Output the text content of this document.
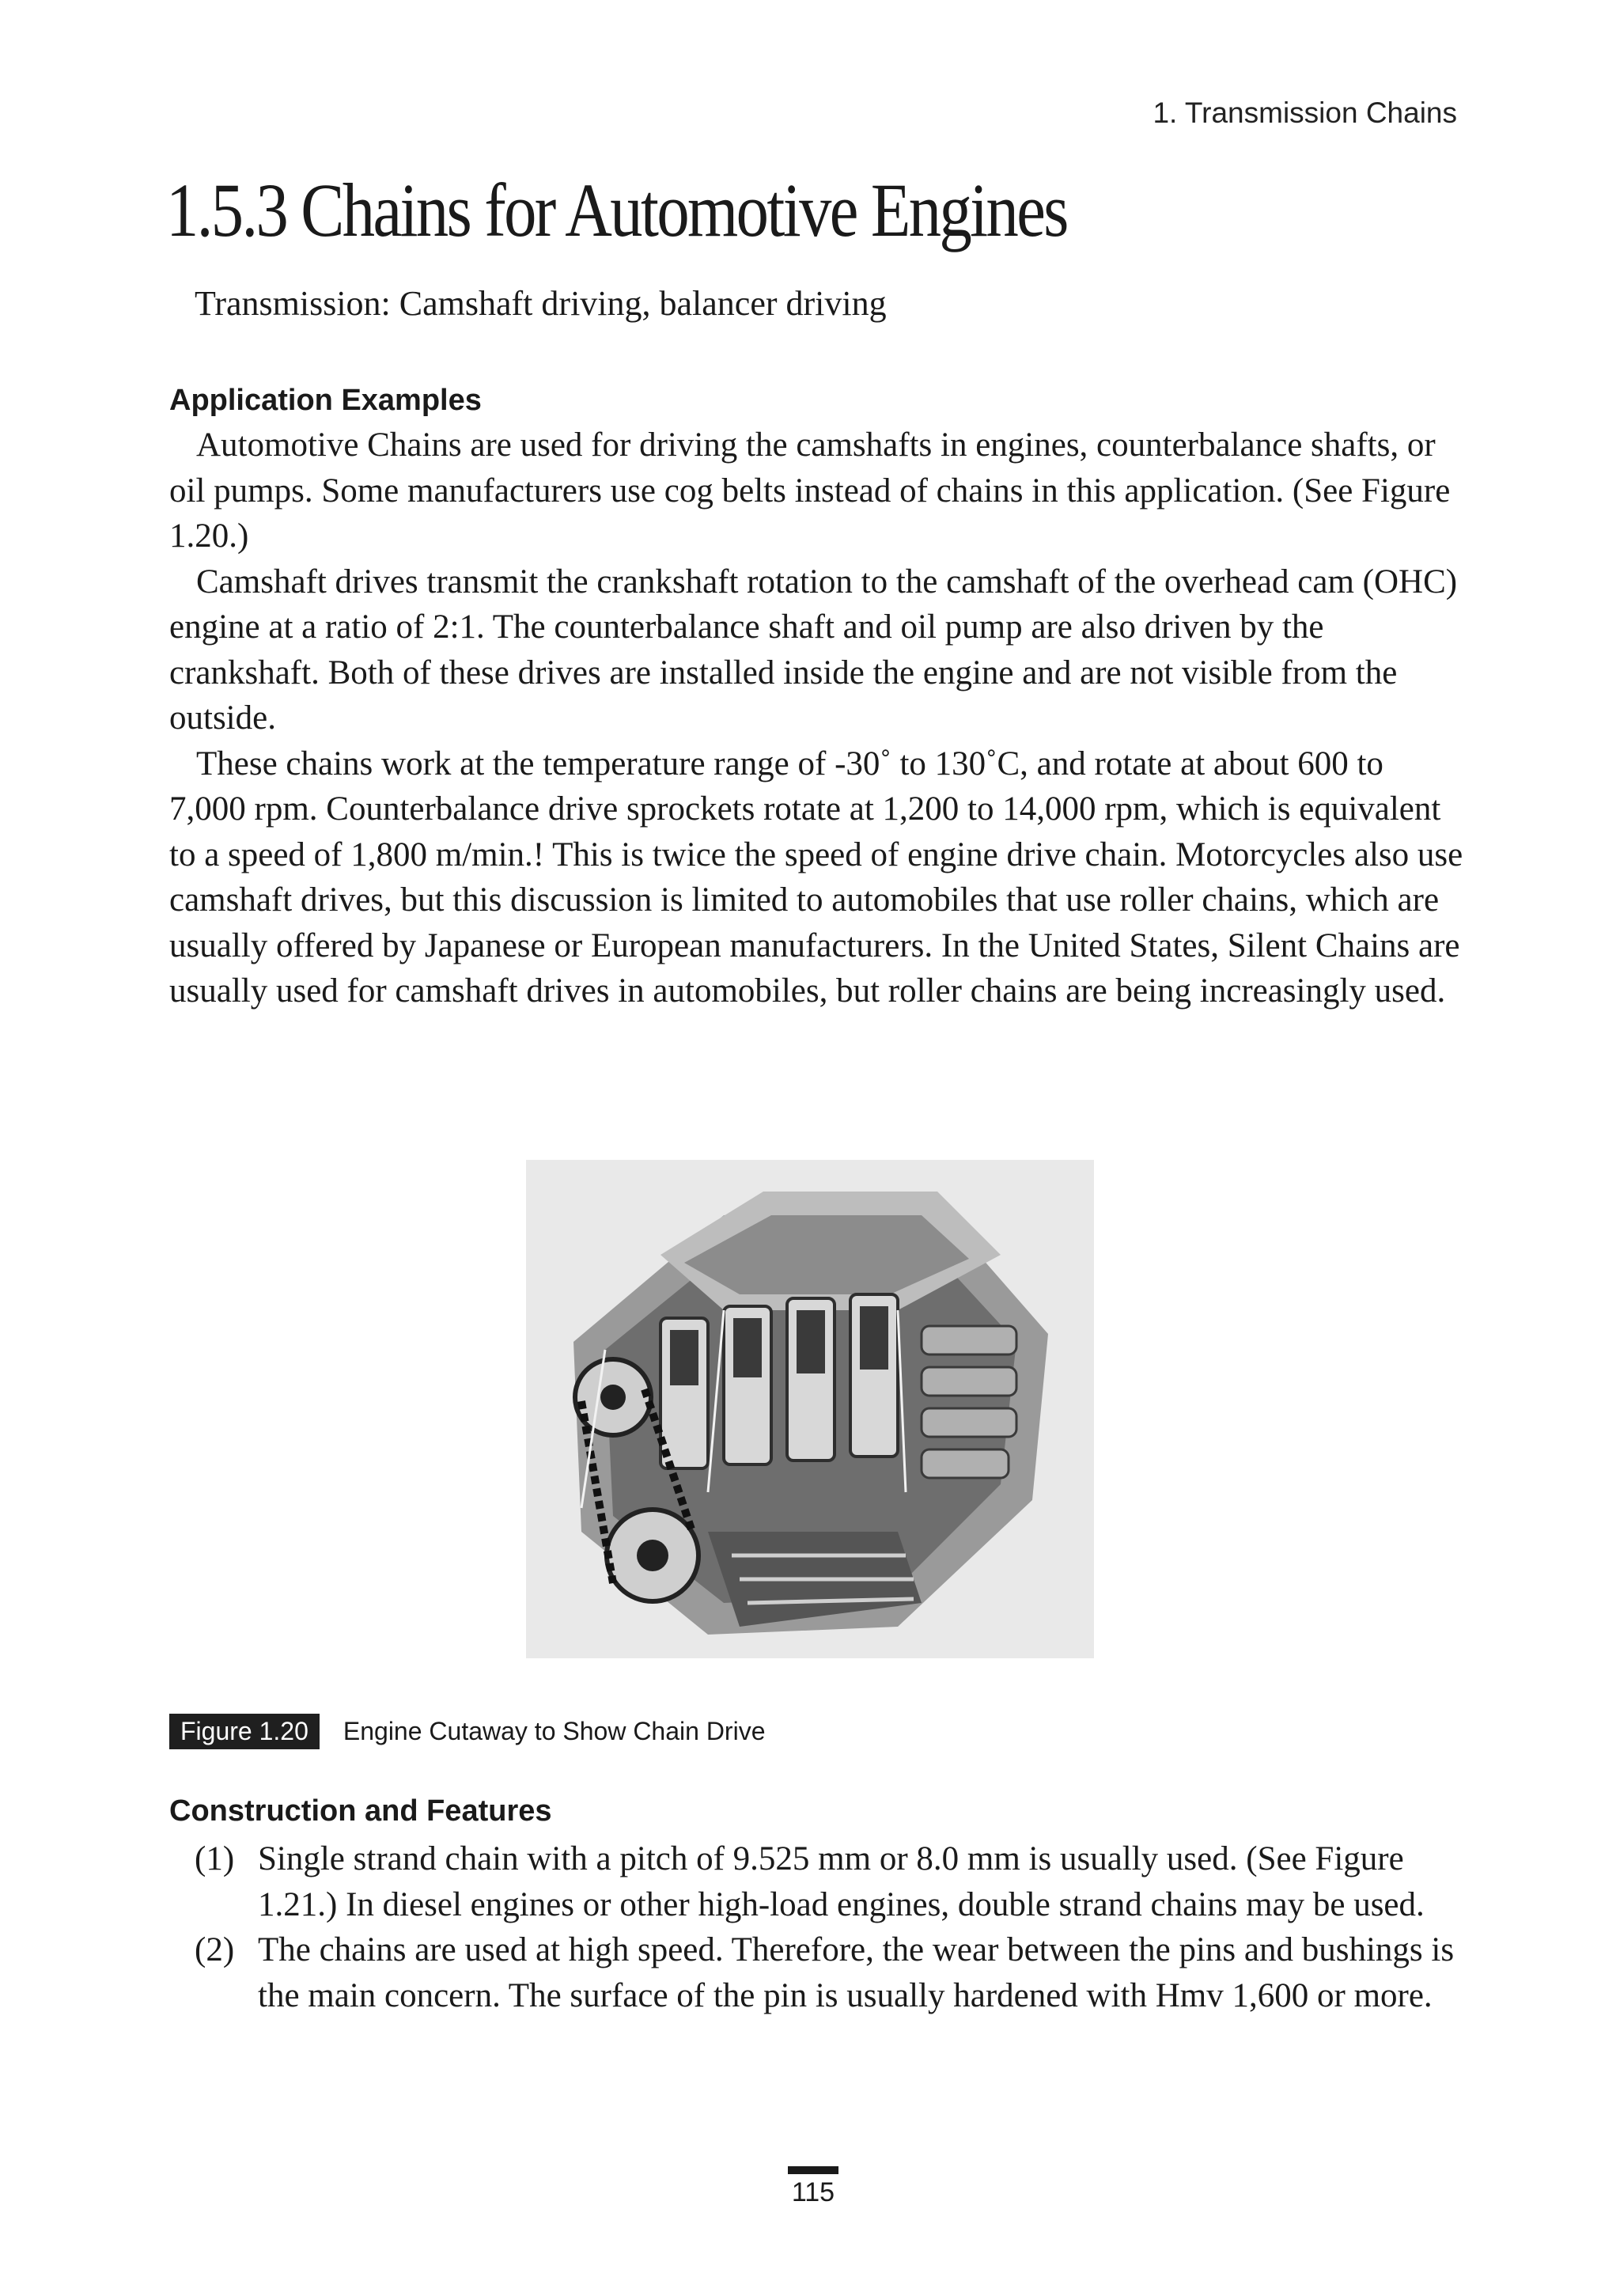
1. Transmission Chains
1.5.3 Chains for Automotive Engines

Transmission: Camshaft driving, balancer driving

Application Examples

Automotive Chains are used for driving the camshafts in engines, counterbalance shafts, or oil pumps. Some manufacturers use cog belts instead of chains in this application. (See Figure 1.20.)

Camshaft drives transmit the crankshaft rotation to the camshaft of the overhead cam (OHC) engine at a ratio of 2:1. The counterbalance shaft and oil pump are also driven by the crankshaft. Both of these drives are installed inside the engine and are not visible from the outside.

These chains work at the temperature range of -30˚ to 130˚C, and rotate at about 600 to 7,000 rpm. Counterbalance drive sprockets rotate at 1,200 to 14,000 rpm, which is equivalent to a speed of 1,800 m/min.! This is twice the speed of engine drive chain. Motorcycles also use camshaft drives, but this discussion is limited to automobiles that use roller chains, which are usually offered by Japanese or European manufacturers. In the United States, Silent Chains are usually used for camshaft drives in automobiles, but roller chains are being increasingly used.

Figure 1.20	Engine Cutaway to Show Chain Drive
Construction and Features
(1) Single strand chain with a pitch of 9.525 mm or 8.0 mm is usually used. (See Figure 1.21.) In diesel engines or other high-load engines, double strand chains may be used.
(2) The chains are used at high speed. Therefore, the wear between the pins and bushings is the main concern. The surface of the pin is usually hardened with Hmv 1,600 or more.
115
